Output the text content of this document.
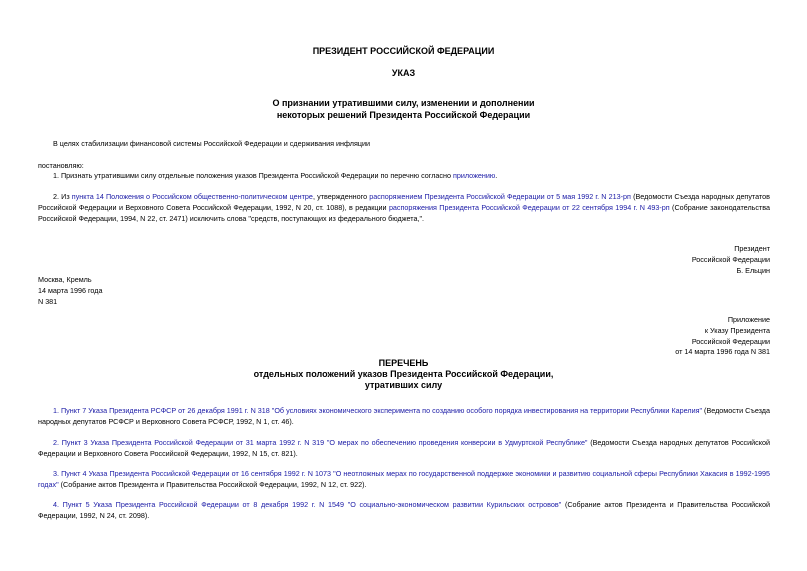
ПРЕЗИДЕНТ РОССИЙСКОЙ ФЕДЕРАЦИИ
УКАЗ
О признании утратившими силу, изменении и дополнении
некоторых решений Президента Российской Федерации
В целях стабилизации финансовой системы Российской Федерации и сдерживания инфляции
постановляю:
1. Признать утратившими силу отдельные положения указов Президента Российской Федерации по перечню согласно приложению.
2. Из пункта 14 Положения о Российском общественно-политическом центре, утвержденного распоряжением Президента Российской Федерации от 5 мая 1992 г. N 213-рп (Ведомости Съезда народных депутатов Российской Федерации и Верховного Совета Российской Федерации, 1992, N 20, ст. 1088), в редакции распоряжения Президента Российской Федерации от 22 сентября 1994 г. N 493-рп (Собрание законодательства Российской Федерации, 1994, N 22, ст. 2471) исключить слова "средств, поступающих из федерального бюджета,".
Президент
Российской Федерации
Б. Ельцин
Москва, Кремль
14 марта 1996 года
N 381
Приложение
к Указу Президента
Российской Федерации
от 14 марта 1996 года N 381
ПЕРЕЧЕНЬ
отдельных положений указов Президента Российской Федерации,
утративших силу
1. Пункт 7 Указа Президента РСФСР от 26 декабря 1991 г. N 318 "Об условиях экономического эксперимента по созданию особого порядка инвестирования на территории Республики Карелия" (Ведомости Съезда народных депутатов РСФСР и Верховного Совета РСФСР, 1992, N 1, ст. 46).
2. Пункт 3 Указа Президента Российской Федерации от 31 марта 1992 г. N 319 "О мерах по обеспечению проведения конверсии в Удмуртской Республике" (Ведомости Съезда народных депутатов Российской Федерации и Верховного Совета Российской Федерации, 1992, N 15, ст. 821).
3. Пункт 4 Указа Президента Российской Федерации от 16 сентября 1992 г. N 1073 "О неотложных мерах по государственной поддержке экономики и развитию социальной сферы Республики Хакасия в 1992-1995 годах" (Собрание актов Президента и Правительства Российской Федерации, 1992, N 12, ст. 922).
4. Пункт 5 Указа Президента Российской Федерации от 8 декабря 1992 г. N 1549 "О социально-экономическом развитии Курильских островов" (Собрание актов Президента и Правительства Российской Федерации, 1992, N 24, ст. 2098).
